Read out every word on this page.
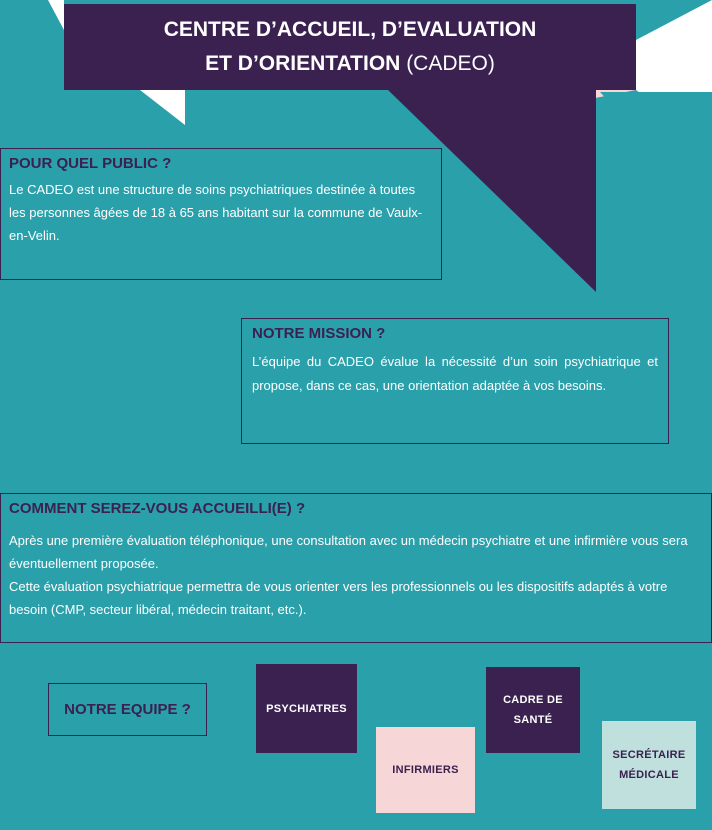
CENTRE D’ACCUEIL, D’EVALUATION
ET D’ORIENTATION (CADEO)
POUR QUEL PUBLIC ?
Le CADEO est une structure de soins psychiatriques destinée à toutes les personnes âgées de 18 à 65 ans habitant sur la commune de Vaulx-en-Velin.
NOTRE MISSION ?
L’équipe du CADEO évalue la nécessité d’un soin psychiatrique et propose, dans ce cas, une orientation adaptée à vos besoins.
COMMENT SEREZ-VOUS ACCUEILLI(E) ?
Après une première évaluation téléphonique, une consultation avec un médecin psychiatre et une infirmière vous sera éventuellement proposée.
Cette évaluation psychiatrique permettra de vous orienter vers les professionnels ou les dispositifs adaptés à votre besoin (CMP, secteur libéral, médecin traitant, etc.).
NOTRE EQUIPE ?	PSYCHIATRES
INFIRMIERS
CADRE DE SANTÉ
SECRÉTAIRE MÉDICALE
